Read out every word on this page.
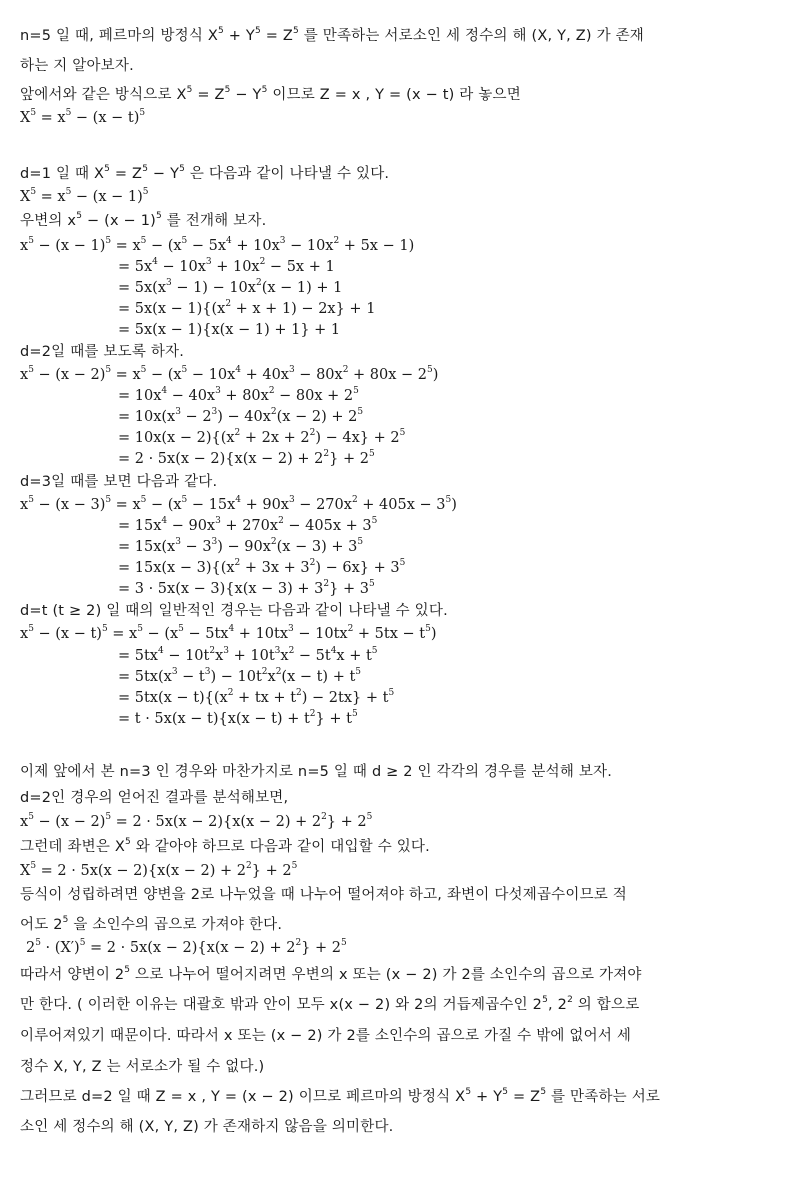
n=5 일 때, 페르마의 방정식 $X^5 + Y^5 = Z^5$ 를 만족하는 서로소인 세 정수의 해 (X, Y, Z) 가 존재
하는 지 알아보자.
앞에서와 같은 방식으로 $X^5 = Z^5 - Y^5$ 이므로 Z = x , Y = (x − t) 라 놓으면
$X^5 = x^5 - (x - t)^5$
d=1 일 때 $X^5 = Z^5 - Y^5$ 은 다음과 같이 나타낼 수 있다.
$X^5 = x^5 - (x - 1)^5$
우변의 $x^5 - (x - 1)^5$ 를 전개해 보자.
$x^5 - (x - 1)^5 = x^5 - (x^5 - 5x^4 + 10x^3 - 10x^2 + 5x - 1)$
= $5x^4 - 10x^3 + 10x^2 - 5x + 1$
= $5x(x^3 - 1) - 10x^2(x - 1) + 1$
= $5x(x - 1)\{(x^2 + x + 1) - 2x\} + 1$
= 5x(x − 1){x(x − 1) + 1} + 1
d=2일 때를 보도록 하자.
$x^5 - (x - 2)^5 = x^5 - (x^5 - 10x^4 + 40x^3 - 80x^2 + 80x - 2^5)$
= $10x^4 - 40x^3 + 80x^2 - 80x + 2^5$
= $10x(x^3 - 2^3) - 40x^2(x - 2) + 2^5$
= $10x(x - 2)\{(x^2 + 2x + 2^2) - 4x\} + 2^5$
= $2 \cdot 5x(x - 2)\{x(x - 2) + 2^2\} + 2^5$
d=3일 때를 보면 다음과 같다.
$x^5 - (x - 3)^5 = x^5 - (x^5 - 15x^4 + 90x^3 - 270x^2 + 405x - 3^5)$
= $15x^4 - 90x^3 + 270x^2 - 405x + 3^5$
= $15x(x^3 - 3^3) - 90x^2(x - 3) + 3^5$
= $15x(x - 3)\{(x^2 + 3x + 3^2) - 6x\} + 3^5$
= $3 \cdot 5x(x - 3)\{x(x - 3) + 3^2\} + 3^5$
d=t (t ≥ 2) 일 때의 일반적인 경우는 다음과 같이 나타낼 수 있다.
$x^5 - (x - t)^5 = x^5 - (x^5 - 5tx^4 + 10tx^3 - 10tx^2 + 5tx - t^5)$
= $5tx^4 - 10t^2x^3 + 10t^3x^2 - 5t^4x + t^5$
= $5tx(x^3 - t^3) - 10t^2x^2(x - t) + t^5$
= $5tx(x - t)\{(x^2$ + tx + $t^2) - 2tx\} + t^5$
= $t \cdot 5x(x - t)\{x(x - t) + t^2\} + t^5$
이제 앞에서 본 n=3 인 경우와 마찬가지로 n=5 일 때 d ≥ 2 인 각각의 경우를 분석해 보자.
d=2인 경우의 얻어진 결과를 분석해보면,
$x^5 - (x - 2)^5 = 2 \cdot 5x(x - 2)\{x(x - 2) + 2^2\} + 2^5$
그런데 좌변은 $X^5$ 와 같아야 하므로 다음과 같이 대입할 수 있다.
$X^5 = 2 \cdot 5x(x - 2)\{x(x - 2) + 2^2\} + 2^5$
등식이 성립하려면 양변을 2로 나누었을 때 나누어 떨어져야 하고, 좌변이 다섯제곱수이므로 적
어도 $2^5$ 을 소인수의 곱으로 가져야 한다.
$2^5 \cdot (X')^5 = 2 \cdot 5x(x - 2)\{x(x - 2) + 2^2\} + 2^5$
따라서 양변이 $2^5$ 으로 나누어 떨어지려면 우변의 x 또는 (x − 2) 가 2를 소인수의 곱으로 가져야
만 한다. ( 이러한 이유는 대괄호 밖과 안이 모두 x(x − 2) 와 2의 거듭제곱수인 $2^5$, $2^2$ 의 합으로
이루어져있기 때문이다. 따라서 x 또는 (x − 2) 가 2를 소인수의 곱으로 가질 수 밖에 없어서 세
정수 X, Y, Z 는 서로소가 될 수 없다.)
그러므로 d=2 일 때 Z = x , Y = (x − 2) 이므로 페르마의 방정식 $X^5 + Y^5 = Z^5$ 를 만족하는 서로
소인 세 정수의 해 (X, Y, Z) 가 존재하지 않음을 의미한다.
